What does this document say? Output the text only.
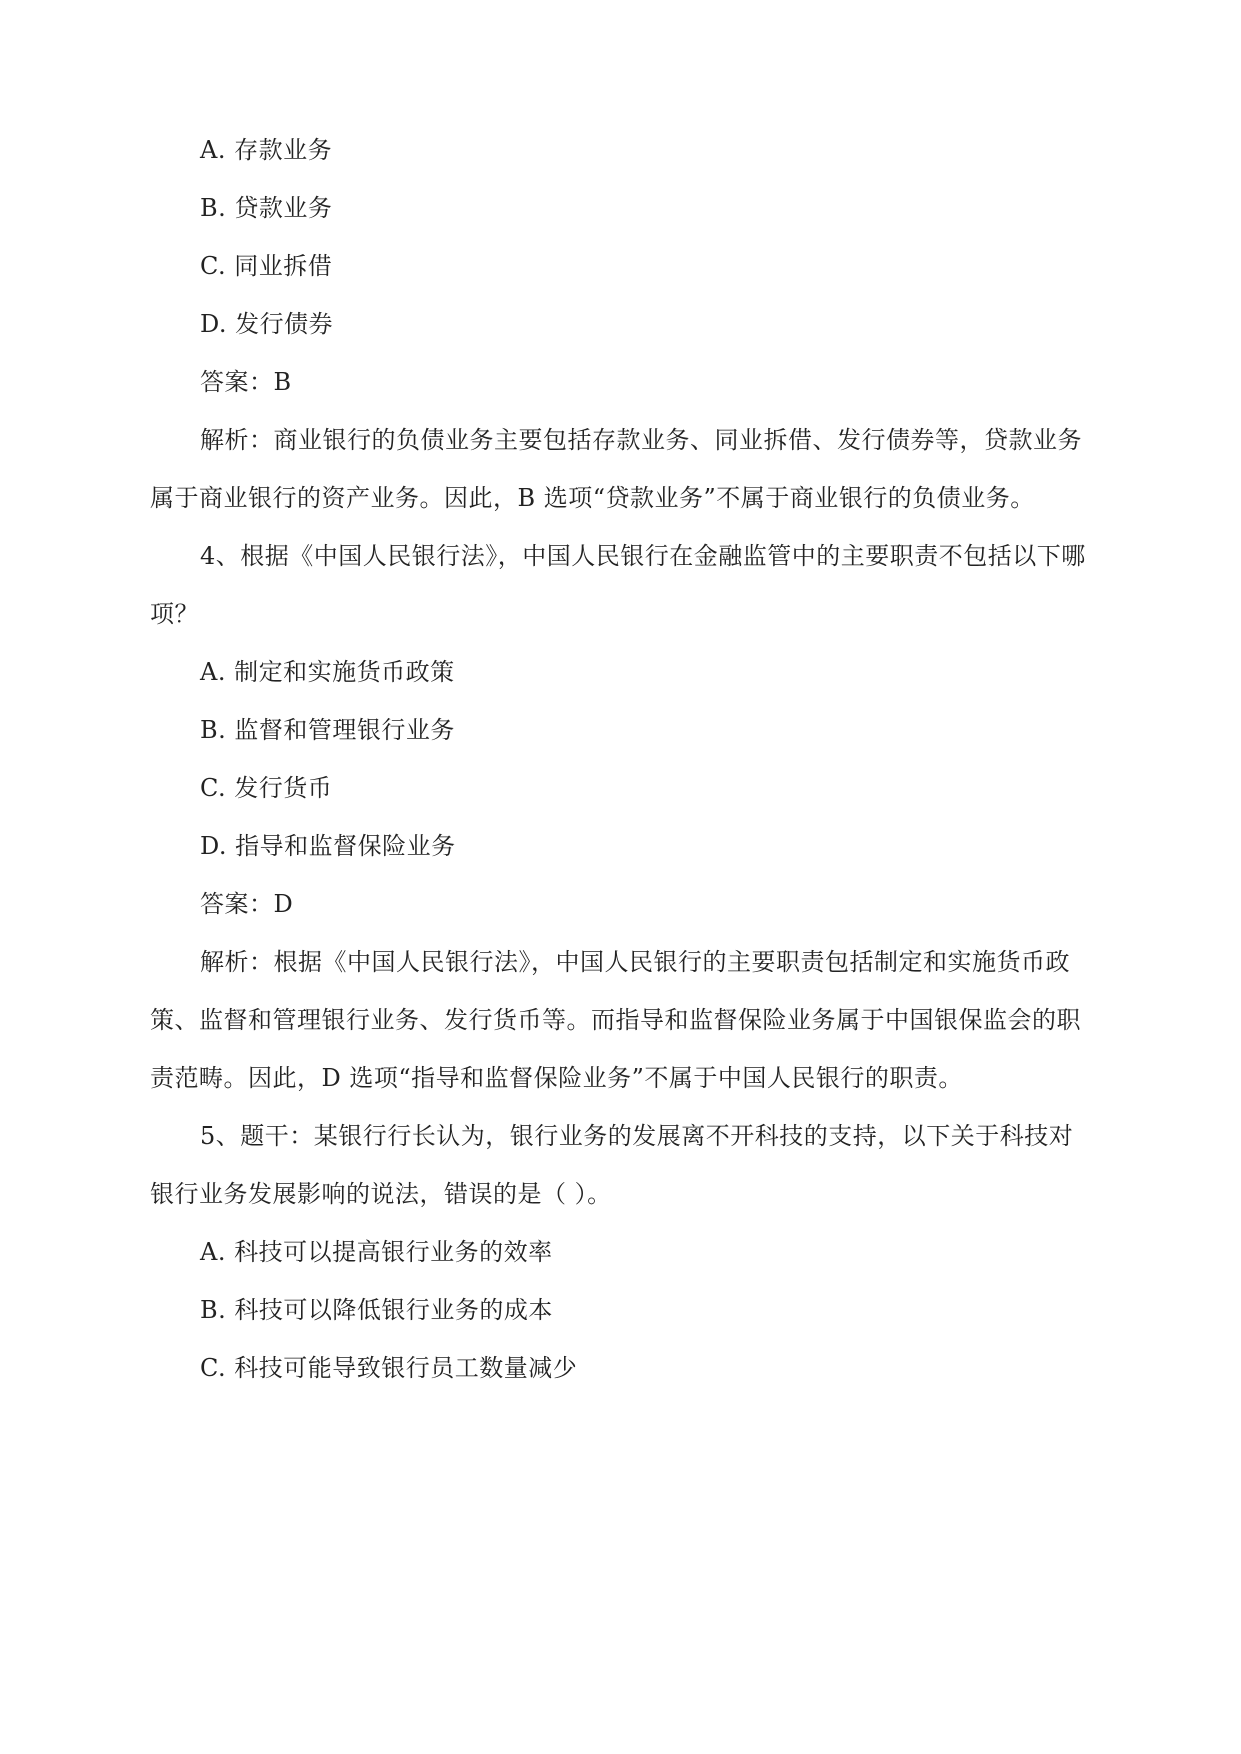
A. 存款业务
B. 贷款业务
C. 同业拆借
D. 发行债券
答案：B
解析：商业银行的负债业务主要包括存款业务、同业拆借、发行债券等，贷款业务
属于商业银行的资产业务。因此，B 选项“贷款业务”不属于商业银行的负债业务。
4、根据《中国人民银行法》，中国人民银行在金融监管中的主要职责不包括以下哪
项？
A. 制定和实施货币政策
B. 监督和管理银行业务
C. 发行货币
D. 指导和监督保险业务
答案：D
解析：根据《中国人民银行法》，中国人民银行的主要职责包括制定和实施货币政
策、监督和管理银行业务、发行货币等。而指导和监督保险业务属于中国银保监会的职
责范畴。因此，D 选项“指导和监督保险业务”不属于中国人民银行的职责。
5、题干：某银行行长认为，银行业务的发展离不开科技的支持，以下关于科技对
银行业务发展影响的说法，错误的是（ ）。
A. 科技可以提高银行业务的效率
B. 科技可以降低银行业务的成本
C. 科技可能导致银行员工数量减少
